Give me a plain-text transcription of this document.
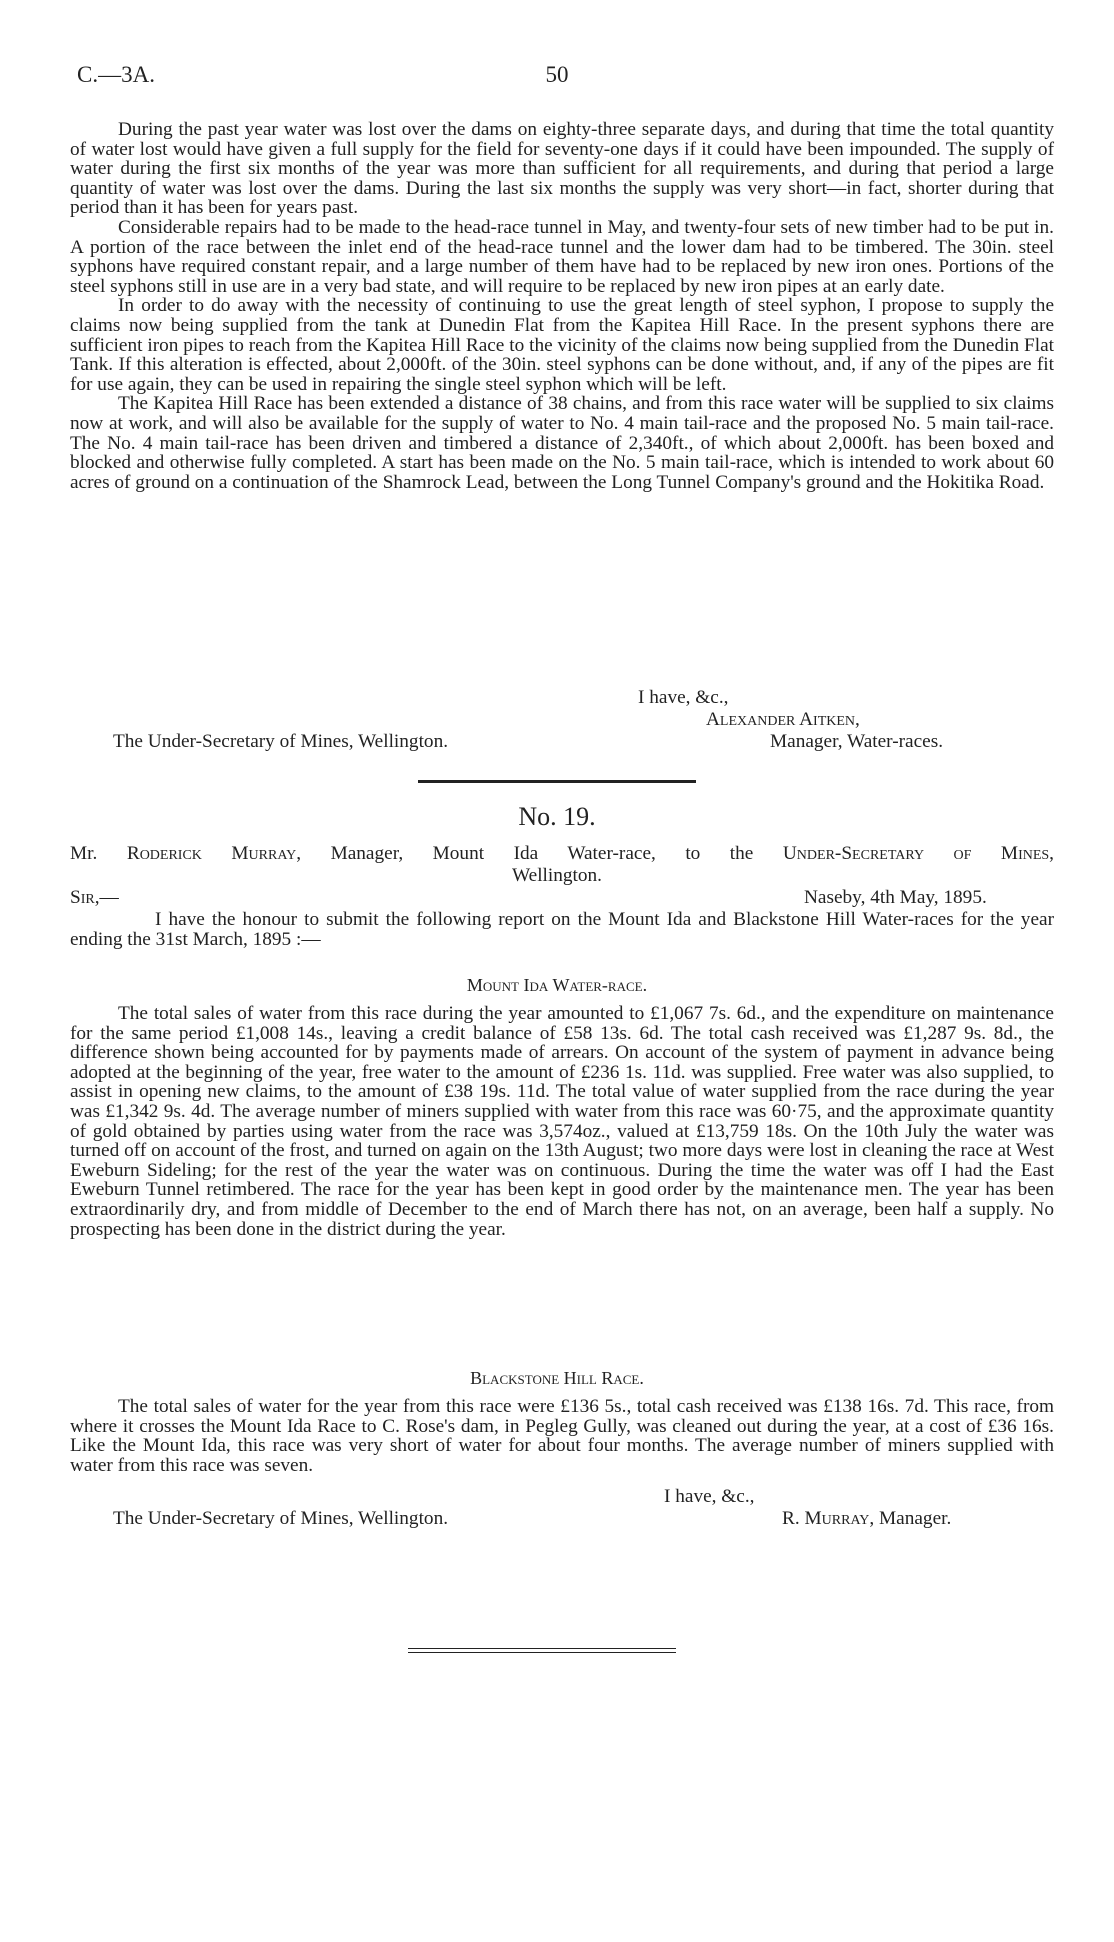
C.—3A.	50

During the past year water was lost over the dams on eighty-three separate days, and during that time the total quantity of water lost would have given a full supply for the field for seventy-one days if it could have been impounded. The supply of water during the first six months of the year was more than sufficient for all requirements, and during that period a large quantity of water was lost over the dams. During the last six months the supply was very short—in fact, shorter during that period than it has been for years past.

Considerable repairs had to be made to the head-race tunnel in May, and twenty-four sets of new timber had to be put in. A portion of the race between the inlet end of the head-race tunnel and the lower dam had to be timbered. The 30in. steel syphons have required constant repair, and a large number of them have had to be replaced by new iron ones. Portions of the steel syphons still in use are in a very bad state, and will require to be replaced by new iron pipes at an early date.

In order to do away with the necessity of continuing to use the great length of steel syphon, I propose to supply the claims now being supplied from the tank at Dunedin Flat from the Kapitea Hill Race. In the present syphons there are sufficient iron pipes to reach from the Kapitea Hill Race to the vicinity of the claims now being supplied from the Dunedin Flat Tank. If this alteration is effected, about 2,000ft. of the 30in. steel syphons can be done without, and, if any of the pipes are fit for use again, they can be used in repairing the single steel syphon which will be left.

The Kapitea Hill Race has been extended a distance of 38 chains, and from this race water will be supplied to six claims now at work, and will also be available for the supply of water to No. 4 main tail-race and the proposed No. 5 main tail-race. The No. 4 main tail-race has been driven and timbered a distance of 2,340ft., of which about 2,000ft. has been boxed and blocked and otherwise fully completed. A start has been made on the No. 5 main tail-race, which is intended to work about 60 acres of ground on a continuation of the Shamrock Lead, between the Long Tunnel Company's ground and the Hokitika Road.

I have, &c.,
Alexander Aitken,
The Under-Secretary of Mines, Wellington.	Manager, Water-races.
No. 19.
Mr. Roderick Murray, Manager, Mount Ida Water-race, to the Under-Secretary of Mines,
Wellington.
Sir,—	Naseby, 4th May, 1895.

I have the honour to submit the following report on the Mount Ida and Blackstone Hill Water-races for the year ending the 31st March, 1895 :—

Mount Ida Water-race.

The total sales of water from this race during the year amounted to £1,067 7s. 6d., and the expenditure on maintenance for the same period £1,008 14s., leaving a credit balance of £58 13s. 6d. The total cash received was £1,287 9s. 8d., the difference shown being accounted for by payments made of arrears. On account of the system of payment in advance being adopted at the beginning of the year, free water to the amount of £236 1s. 11d. was supplied. Free water was also supplied, to assist in opening new claims, to the amount of £38 19s. 11d. The total value of water supplied from the race during the year was £1,342 9s. 4d. The average number of miners supplied with water from this race was 60·75, and the approximate quantity of gold obtained by parties using water from the race was 3,574oz., valued at £13,759 18s. On the 10th July the water was turned off on account of the frost, and turned on again on the 13th August; two more days were lost in cleaning the race at West Eweburn Sideling; for the rest of the year the water was on continuous. During the time the water was off I had the East Eweburn Tunnel retimbered. The race for the year has been kept in good order by the maintenance men. The year has been extraordinarily dry, and from middle of December to the end of March there has not, on an average, been half a supply. No prospecting has been done in the district during the year.

Blackstone Hill Race.

The total sales of water for the year from this race were £136 5s., total cash received was £138 16s. 7d. This race, from where it crosses the Mount Ida Race to C. Rose's dam, in Pegleg Gully, was cleaned out during the year, at a cost of £36 16s. Like the Mount Ida, this race was very short of water for about four months. The average number of miners supplied with water from this race was seven.

I have, &c.,
The Under-Secretary of Mines, Wellington.	R. Murray, Manager.
